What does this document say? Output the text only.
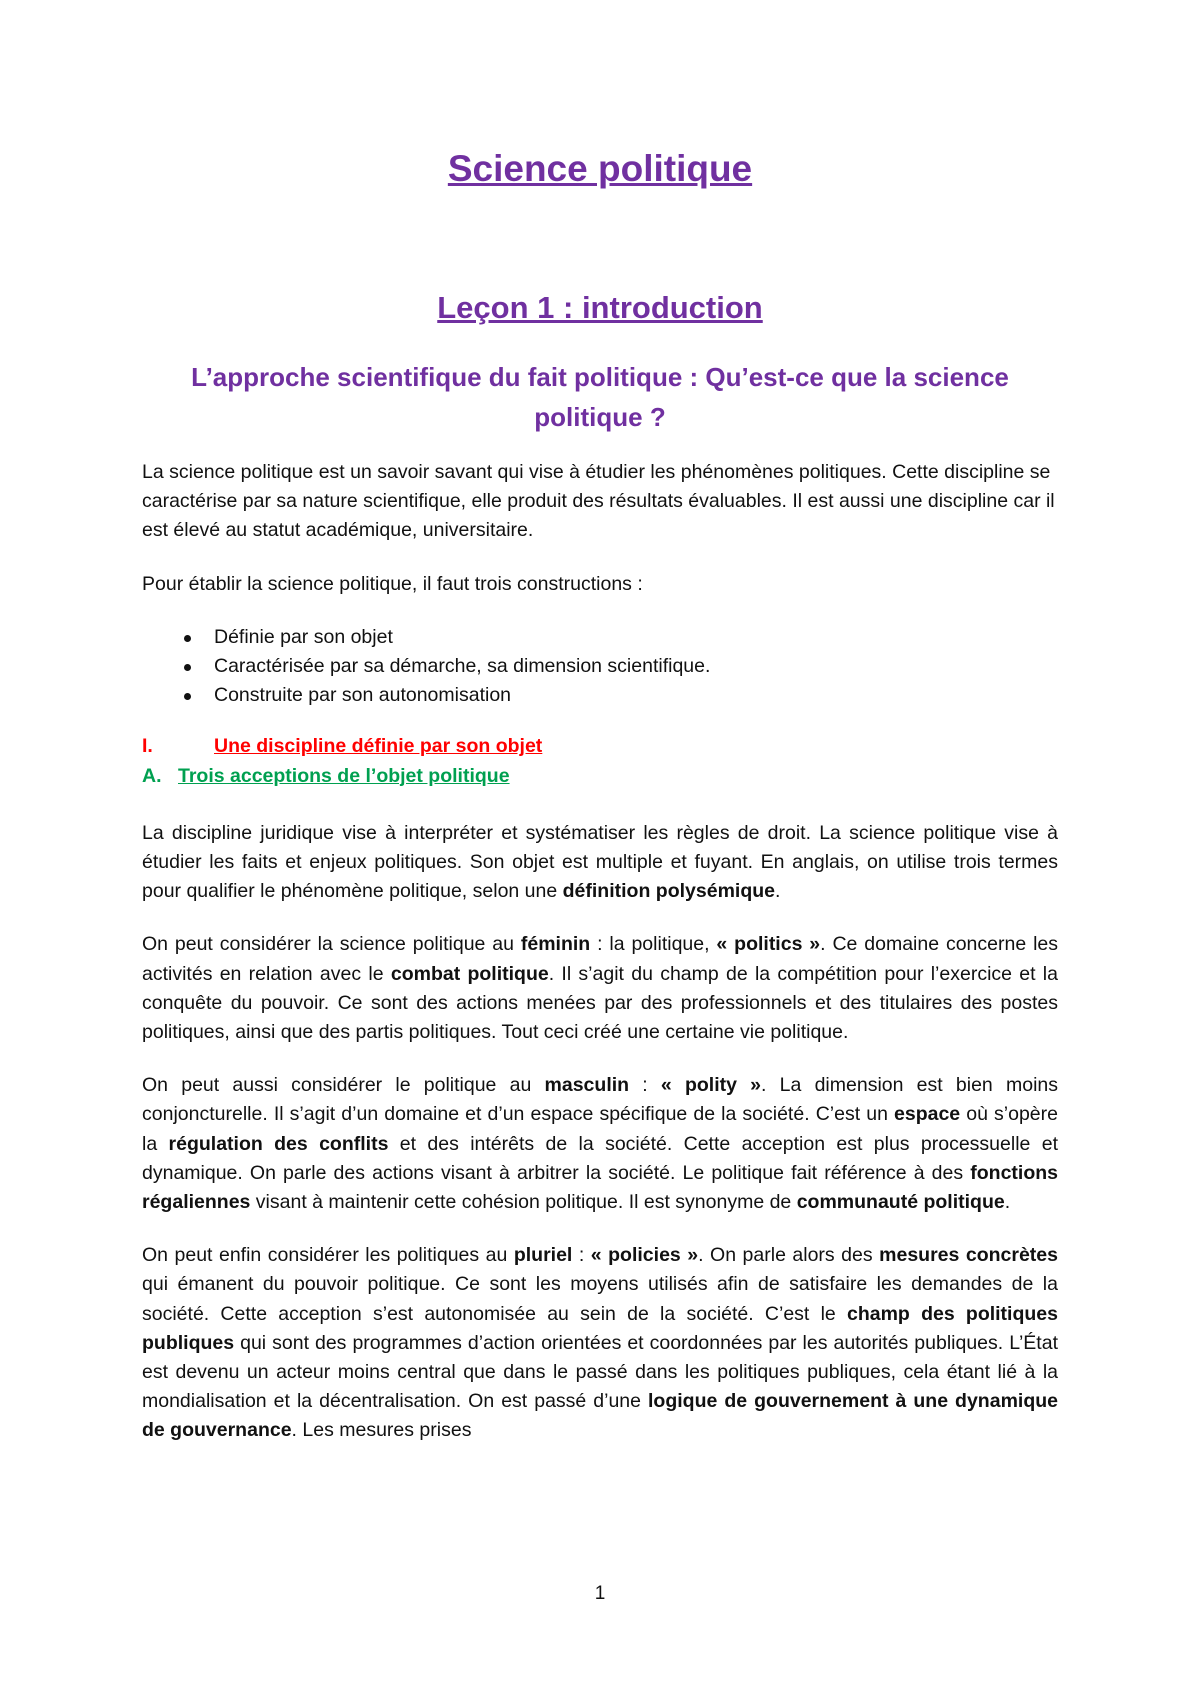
Science politique
Leçon 1 : introduction
L’approche scientifique du fait politique : Qu’est-ce que la science politique ?

La science politique est un savoir savant qui vise à étudier les phénomènes politiques. Cette discipline se caractérise par sa nature scientifique, elle produit des résultats évaluables. Il est aussi une discipline car il est élevé au statut académique, universitaire.

Pour établir la science politique, il faut trois constructions :

Définie par son objet
Caractérisée par sa démarche, sa dimension scientifique.
Construite par son autonomisation
I.	Une discipline définie par son objet
A. Trois acceptions de l’objet politique

La discipline juridique vise à interpréter et systématiser les règles de droit. La science politique vise à étudier les faits et enjeux politiques. Son objet est multiple et fuyant. En anglais, on utilise trois termes pour qualifier le phénomène politique, selon une définition polysémique.

On peut considérer la science politique au féminin : la politique, « politics ». Ce domaine concerne les activités en relation avec le combat politique. Il s’agit du champ de la compétition pour l’exercice et la conquête du pouvoir. Ce sont des actions menées par des professionnels et des titulaires des postes politiques, ainsi que des partis politiques. Tout ceci créé une certaine vie politique.

On peut aussi considérer le politique au masculin : « polity ». La dimension est bien moins conjoncturelle. Il s’agit d’un domaine et d’un espace spécifique de la société. C’est un espace où s’opère la régulation des conflits et des intérêts de la société. Cette acception est plus processuelle et dynamique. On parle des actions visant à arbitrer la société. Le politique fait référence à des fonctions régaliennes visant à maintenir cette cohésion politique. Il est synonyme de communauté politique.

On peut enfin considérer les politiques au pluriel : « policies ». On parle alors des mesures concrètes qui émanent du pouvoir politique. Ce sont les moyens utilisés afin de satisfaire les demandes de la société. Cette acception s’est autonomisée au sein de la société. C’est le champ des politiques publiques qui sont des programmes d’action orientées et coordonnées par les autorités publiques. L’État est devenu un acteur moins central que dans le passé dans les politiques publiques, cela étant lié à la mondialisation et la décentralisation. On est passé d’une logique de gouvernement à une dynamique de gouvernance. Les mesures prises

1
